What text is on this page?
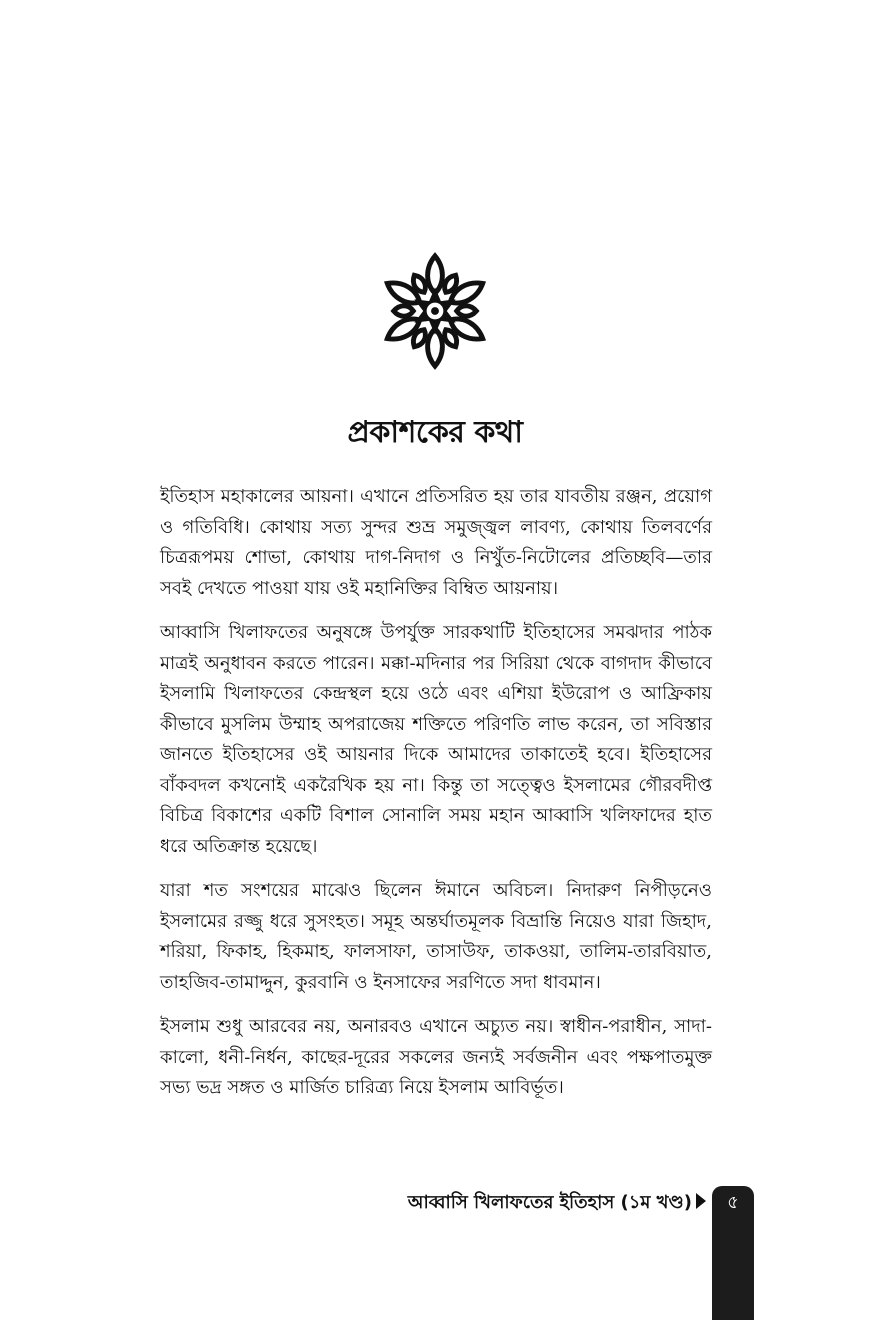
প্রকাশকের কথা

ইতিহাস মহাকালের আয়না। এখানে প্রতিসরিত হয় তার যাবতীয় রঞ্জন, প্রয়োগ ও গতিবিধি। কোথায় সত্য সুন্দর শুভ্র সমুজ্জ্বল লাবণ্য, কোথায় তিলবর্ণের চিত্ররূপময় শোভা, কোথায় দাগ-নিদাগ ও নিখুঁত-নিটোলের প্রতিচ্ছবি—তার সবই দেখতে পাওয়া যায় ওই মহানিক্তির বিম্বিত আয়নায়।

আব্বাসি খিলাফতের অনুষঙ্গে উপর্যুক্ত সারকথাটি ইতিহাসের সমঝদার পাঠক মাত্রই অনুধাবন করতে পারেন। মক্কা-মদিনার পর সিরিয়া থেকে বাগদাদ কীভাবে ইসলামি খিলাফতের কেন্দ্রস্থল হয়ে ওঠে এবং এশিয়া ইউরোপ ও আফ্রিকায় কীভাবে মুসলিম উম্মাহ অপরাজেয় শক্তিতে পরিণতি লাভ করেন, তা সবিস্তার জানতে ইতিহাসের ওই আয়নার দিকে আমাদের তাকাতেই হবে। ইতিহাসের বাঁকবদল কখনোই একরৈখিক হয় না। কিন্তু তা সত্ত্বেও ইসলামের গৌরবদীপ্ত বিচিত্র বিকাশের একটি বিশাল সোনালি সময় মহান আব্বাসি খলিফাদের হাত ধরে অতিক্রান্ত হয়েছে।

যারা শত সংশয়ের মাঝেও ছিলেন ঈমানে অবিচল। নিদারুণ নিপীড়নেও ইসলামের রজ্জু ধরে সুসংহত। সমূহ অন্তর্ঘাতমূলক বিভ্রান্তি নিয়েও যারা জিহাদ, শরিয়া, ফিকাহ, হিকমাহ, ফালসাফা, তাসাউফ, তাকওয়া, তালিম-তারবিয়াত, তাহজিব-তামাদ্দুন, কুরবানি ও ইনসাফের সরণিতে সদা ধাবমান।

ইসলাম শুধু আরবের নয়, অনারবও এখানে অচ্যুত নয়। স্বাধীন-পরাধীন, সাদা-কালো, ধনী-নির্ধন, কাছের-দূরের সকলের জন্যই সর্বজনীন এবং পক্ষপাতমুক্ত সভ্য ভদ্র সঙ্গত ও মার্জিত চারিত্র্য নিয়ে ইসলাম আবির্ভূত।

আব্বাসি খিলাফতের ইতিহাস (১ম খণ্ড)	৫
